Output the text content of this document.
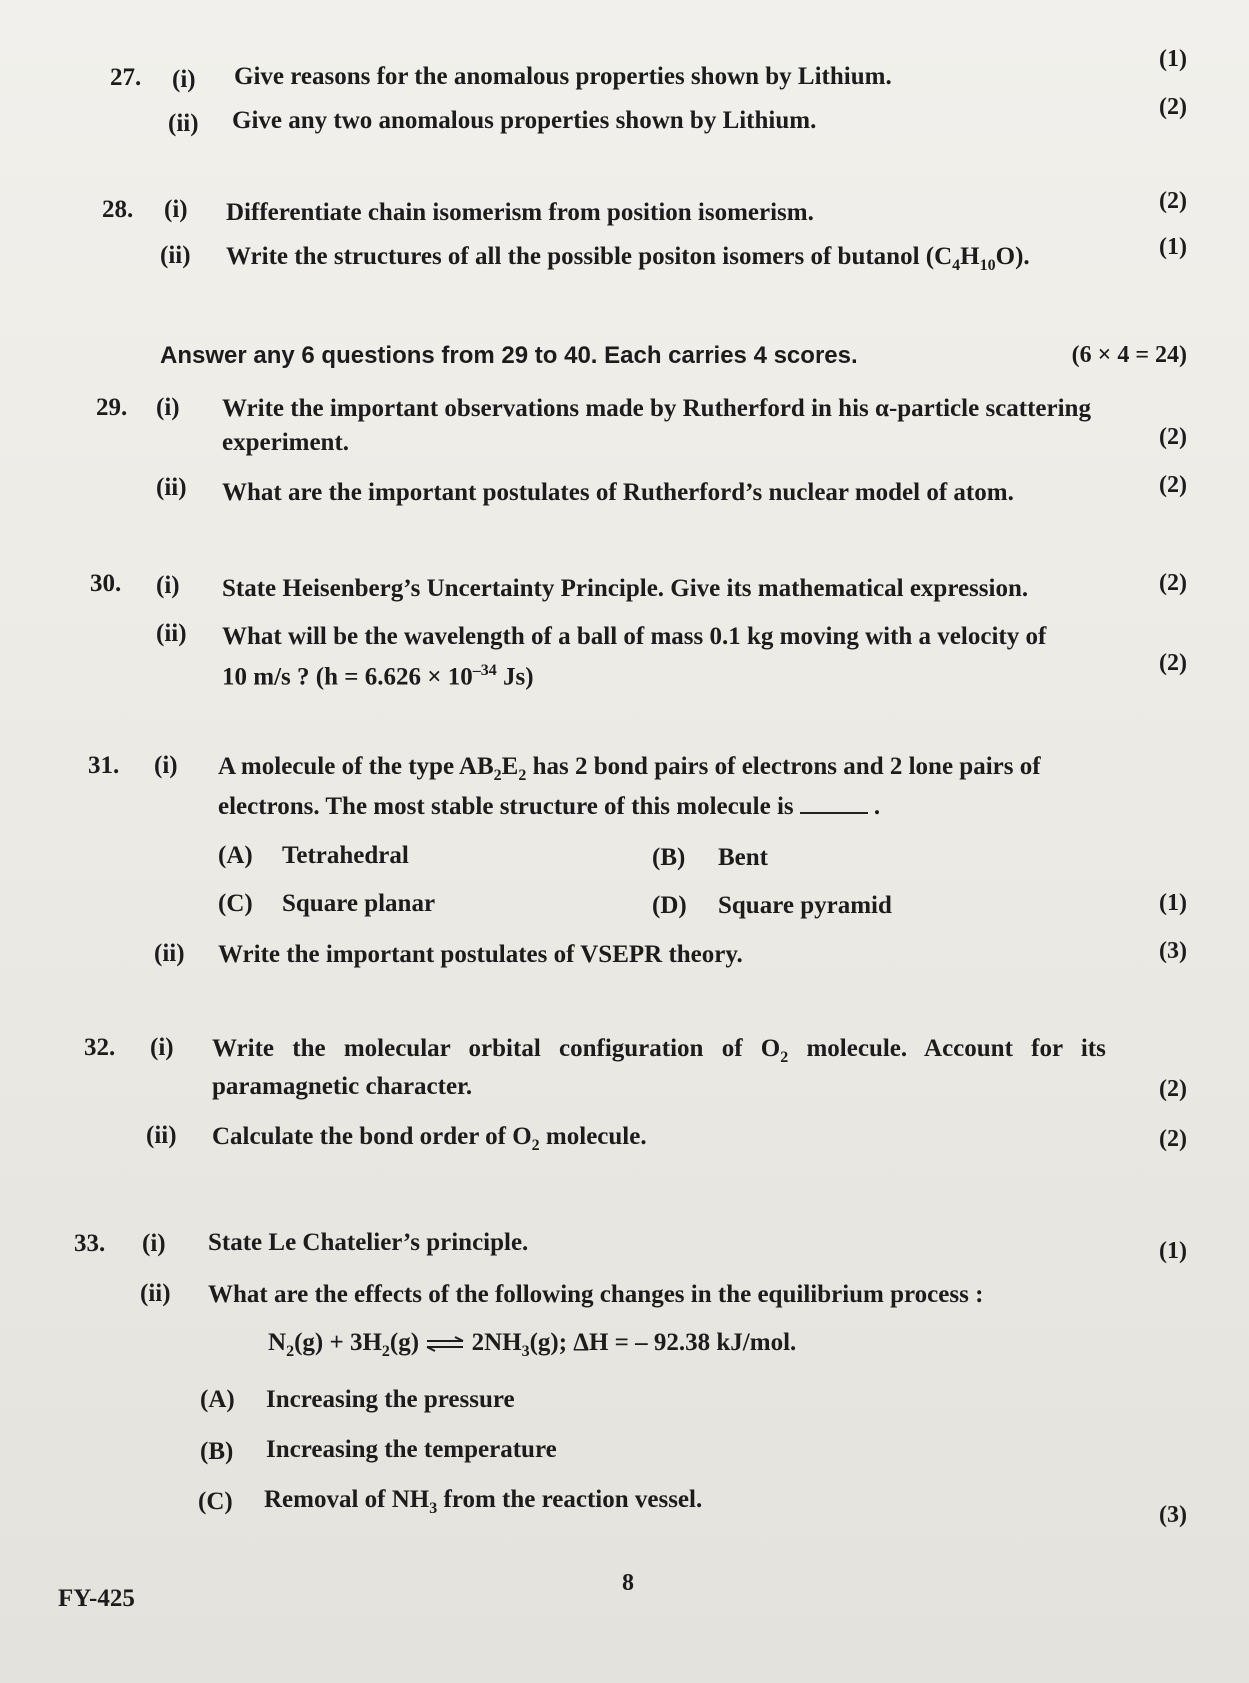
27. (i) Give reasons for the anomalous properties shown by Lithium.
(1)
(ii) Give any two anomalous properties shown by Lithium.	(2)
28. (i) Differentiate chain isomerism from position isomerism.	(2)
(ii) Write the structures of all the possible positon isomers of butanol $(C_4H_{10}O)$.	(1)
Answer any 6 questions from 29 to 40. Each carries 4 scores.	(6 × 4 = 24)
29. (i) Write the important observations made by Rutherford in his α-particle scattering
experiment.	(2)
(ii) What are the important postulates of Rutherford’s nuclear model of atom.	(2)
30. (i) State Heisenberg’s Uncertainty Principle. Give its mathematical expression.	(2)
(ii) What will be the wavelength of a ball of mass 0.1 kg moving with a velocity of
10 m/s ? ($h = 6.626 \times 10^{-34}$ Js)
(2)
31. (i) A molecule of the type $AB_2E_2$ has 2 bond pairs of electrons and 2 lone pairs of
electrons. The most stable structure of this molecule is	.
(A) Tetrahedral	(B) Bent
(C) Square planar	(D) Square pyramid	(1)
(ii) Write the important postulates of VSEPR theory.	(3)
32. (i) Write the molecular orbital configuration of $O_2$ molecule. Account for its
paramagnetic character.	(2)
(ii) Calculate the bond order of $O_2$ molecule.	(2)
33. (i) State Le Chatelier’s principle.	(1)
(ii) What are the effects of the following changes in the equilibrium process :
$N_2(g) + 3H_2(g)$ ⇌ $2NH_3(g)$; ΔH = – 92.38 kJ/mol.
(A) Increasing the pressure
(B) Increasing the temperature
(C) Removal of $NH_3$ from the reaction vessel.
(3)
FY-425
8
